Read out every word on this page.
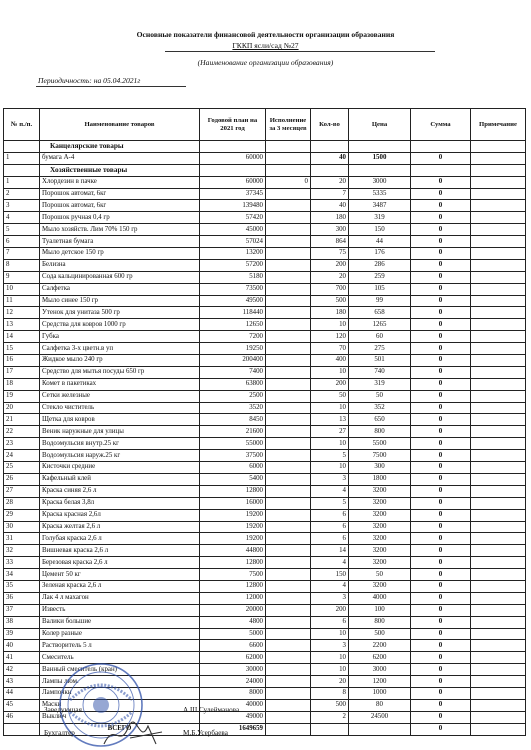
Основные показатели финансовой деятельности организации образования
ГККП ясли/сад №27
(Наименование организации образования)
Периодичность: на 05.04.2021г
№ п./п.	Наименование товаров	Годовой план на 2021 год	Исполнение за 3 месяцев	Кол-во	Цена	Сумма	Примечание
	Канцелярские товары						
1	бумага А-4	60000		40	1500	0	
	Хозяйственные товары						
1	Хлордезин в пачке	60000	0	20	3000	0	
2	Порошок автомат, 6кг	37345		7	5335	0	
3	Порошок автомат, 6кг	139480		40	3487	0	
4	Порошок ручная 0,4 гр	57420		180	319	0	
5	Мыло хозяйств. Лим 70% 150 гр	45000		300	150	0	
6	Туалетная бумага	57024		864	44	0	
7	Мыло детское 150 гр	13200		75	176	0	
8	Белизна	57200		200	286	0	
9	Сода кальцинированная 600 гр	5180		20	259	0	
10	Салфетка	73500		700	105	0	
11	Мыло синее 150 гр	49500		500	99	0	
12	Утенок для унитаза 500 гр	118440		180	658	0	
13	Средства для ковров 1000 гр	12650		10	1265	0	
14	Губка	7200		120	60	0	
15	Салфетка 3-х цветн.в уп	19250		70	275	0	
16	Жидкое мыло 240 гр	200400		400	501	0	
17	Средство для мытья посуды 650 гр	7400		10	740	0	
18	Комет в пакетиках	63800		200	319	0	
19	Сетки железные	2500		50	50	0	
20	Стекло чиститель	3520		10	352	0	
21	Щетка для ковров	8450		13	650	0	
22	Веник наружные для улицы	21600		27	800	0	
23	Водоэмульсия внутр.25 кг	55000		10	5500	0	
24	Водоэмульсия наруж.25 кг	37500		5	7500	0	
25	Кисточки средние	6000		10	300	0	
26	Кафельный клей	5400		3	1800	0	
27	Краска синяя 2,6 л	12800		4	3200	0	
28	Краска белая 3,8л	16000		5	3200	0	
29	Краска красная 2,6л	19200		6	3200	0	
30	Краска желтая 2,6 л	19200		6	3200	0	
31	Голубая краска 2,6 л	19200		6	3200	0	
32	Вишневая краска 2,6 л	44800		14	3200	0	
33	Березовая краска 2,6 л	12800		4	3200	0	
34	Цемент 50 кг	7500		150	50	0	
35	Зеленая краска 2,6 л	12800		4	3200	0	
36	Лак 4 л махагон	12000		3	4000	0	
37	Известь	20000		200	100	0	
38	Валики большие	4800		6	800	0	
39	Колер разные	5000		10	500	0	
40	Растворитель 5 л	6600		3	2200	0	
41	Смеситель	62000		10	6200	0	
42	Ванный смеситель (кран)	30000		10	3000	0	
43	Лампы люм.	24000		20	1200	0	
44	Лампочки	8000		8	1000	0	
45	Маски	40000		500	80	0	
46	Выключ	49000		2	24500	0	
	ВСЕГО	1649659				0	
Заведующая	А.Ш.Сулейманова
Бухгалтер	М.Б.Усербаева
